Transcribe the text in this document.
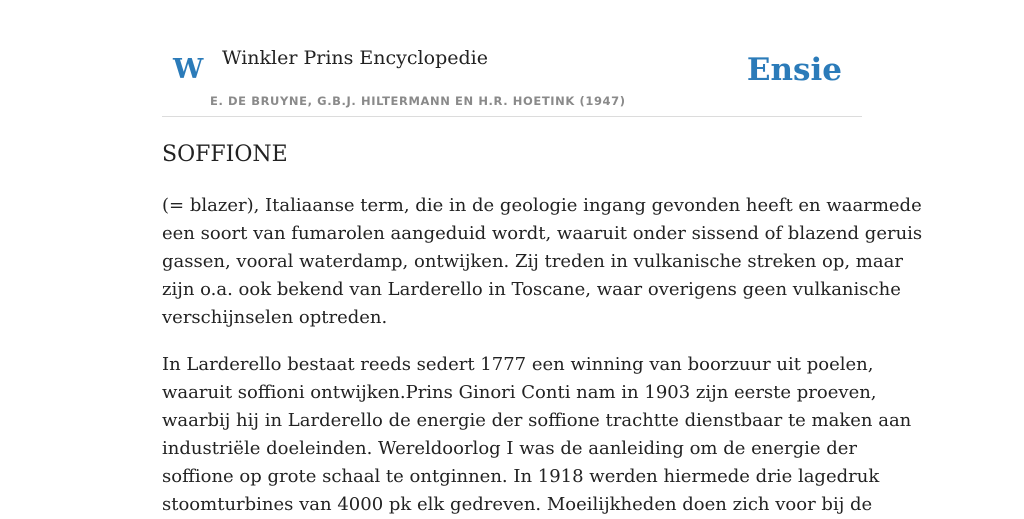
W Winkler Prins Encyclopedie
E. DE BRUYNE, G.B.J. HILTERMANN EN H.R. HOETINK (1947)
Ensie
SOFFIONE

(= blazer), Italiaanse term, die in de geologie ingang gevonden heeft en waarmede
een soort van fumarolen aangeduid wordt, waaruit onder sissend of blazend geruis
gassen, vooral waterdamp, ontwijken. Zij treden in vulkanische streken op, maar
zijn o.a. ook bekend van Larderello in Toscane, waar overigens geen vulkanische
verschijnselen optreden.

In Larderello bestaat reeds sedert 1777 een winning van boorzuur uit poelen,
waaruit soffioni ontwijken.Prins Ginori Conti nam in 1903 zijn eerste proeven,
waarbij hij in Larderello de energie der soffione trachtte dienstbaar te maken aan
industriële doeleinden. Wereldoorlog I was de aanleiding om de energie der
soffione op grote schaal te ontginnen. In 1918 werden hiermede drie lagedruk
stoomturbines van 4000 pk elk gedreven. Moeilijkheden doen zich voor bij de
